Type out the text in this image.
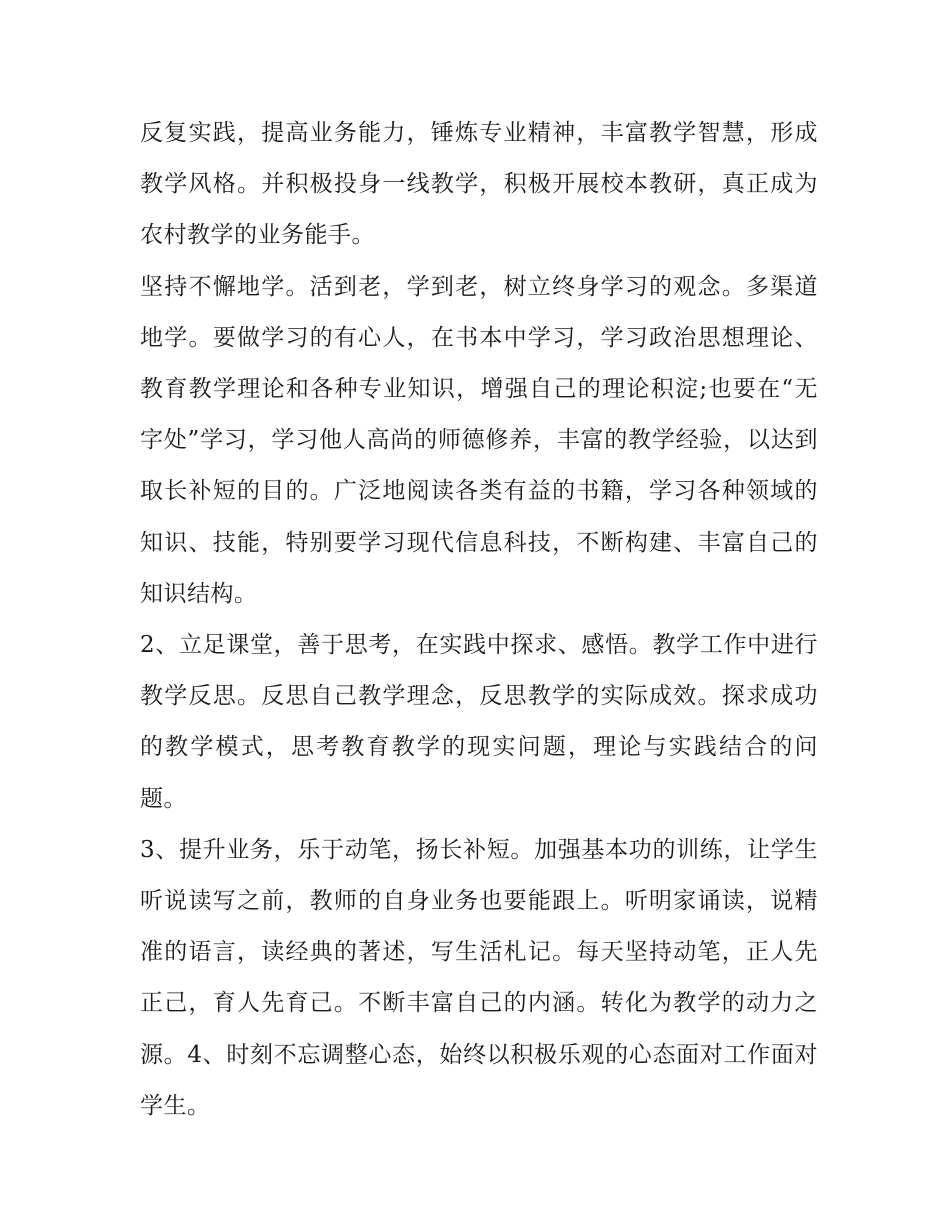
反复实践，提高业务能力，锤炼专业精神，丰富教学智慧，形成教学风格。并积极投身一线教学，积极开展校本教研，真正成为农村教学的业务能手。

坚持不懈地学。活到老，学到老，树立终身学习的观念。多渠道地学。要做学习的有心人，在书本中学习，学习政治思想理论、教育教学理论和各种专业知识，增强自己的理论积淀;也要在“无字处”学习，学习他人高尚的师德修养，丰富的教学经验，以达到取长补短的目的。广泛地阅读各类有益的书籍，学习各种领域的知识、技能，特别要学习现代信息科技，不断构建、丰富自己的知识结构。

2、立足课堂，善于思考，在实践中探求、感悟。教学工作中进行教学反思。反思自己教学理念，反思教学的实际成效。探求成功的教学模式，思考教育教学的现实问题，理论与实践结合的问题。

3、提升业务，乐于动笔，扬长补短。加强基本功的训练，让学生听说读写之前，教师的自身业务也要能跟上。听明家诵读，说精准的语言，读经典的著述，写生活札记。每天坚持动笔，正人先正己，育人先育己。不断丰富自己的内涵。转化为教学的动力之源。4、时刻不忘调整心态，始终以积极乐观的心态面对工作面对学生。
